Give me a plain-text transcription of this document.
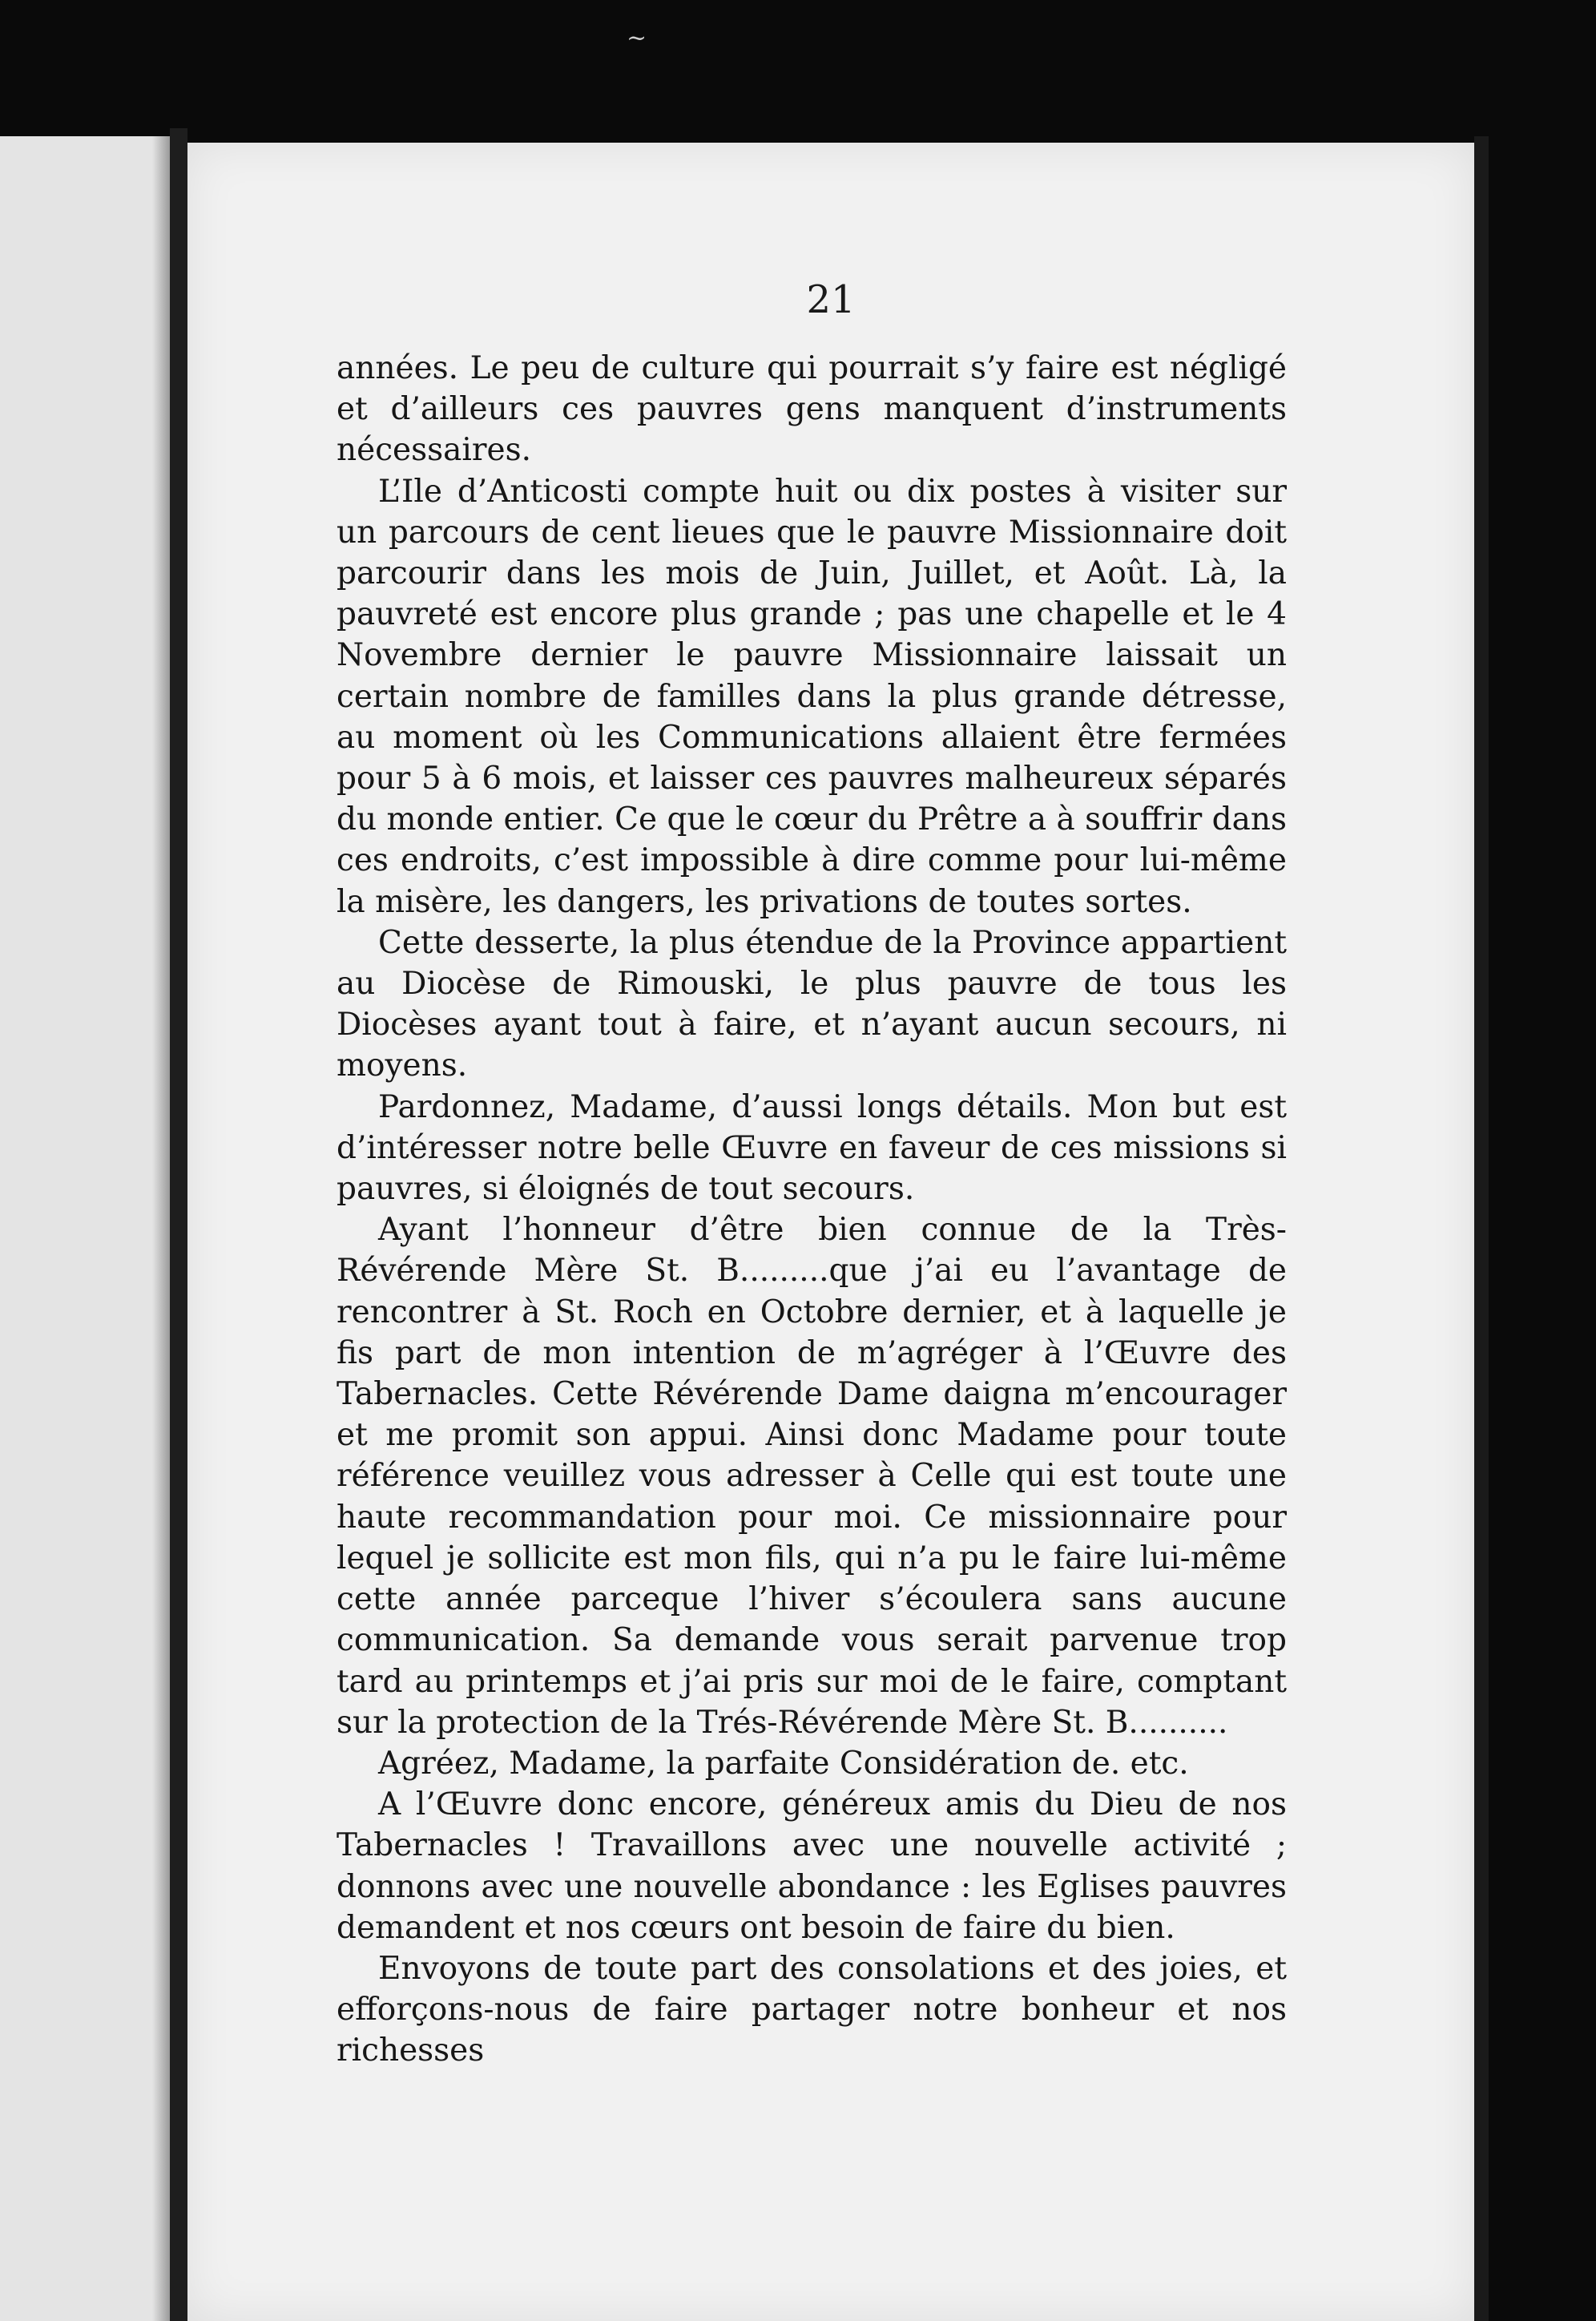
~
21

années. Le peu de culture qui pourrait s’y faire est négligé et d’ailleurs ces pauvres gens manquent d’instruments nécessaires.

L’Ile d’Anticosti compte huit ou dix postes à visiter sur un parcours de cent lieues que le pauvre Missionnaire doit parcourir dans les mois de Juin, Juillet, et Août. Là, la pauvreté est encore plus grande ; pas une chapelle et le 4 Novembre dernier le pauvre Missionnaire laissait un certain nombre de familles dans la plus grande détresse, au moment où les Communications allaient être fermées pour 5 à 6 mois, et laisser ces pauvres malheureux séparés du monde entier. Ce que le cœur du Prêtre a à souffrir dans ces endroits, c’est impossible à dire comme pour lui-même la misère, les dangers, les privations de toutes sortes.

Cette desserte, la plus étendue de la Province appartient au Diocèse de Rimouski, le plus pauvre de tous les Diocèses ayant tout à faire, et n’ayant aucun secours, ni moyens.

Pardonnez, Madame, d’aussi longs détails. Mon but est d’intéresser notre belle Œuvre en faveur de ces missions si pauvres, si éloignés de tout secours.

Ayant l’honneur d’être bien connue de la Très-Révérende Mère St. B.........que j’ai eu l’avantage de rencontrer à St. Roch en Octobre dernier, et à laquelle je fis part de mon intention de m’agréger à l’Œuvre des Tabernacles. Cette Révérende Dame daigna m’encourager et me promit son appui. Ainsi donc Madame pour toute référence veuillez vous adresser à Celle qui est toute une haute recommandation pour moi. Ce missionnaire pour lequel je sollicite est mon fils, qui n’a pu le faire lui-même cette année parceque l’hiver s’écoulera sans aucune communication. Sa demande vous serait parvenue trop tard au printemps et j’ai pris sur moi de le faire, comptant sur la protection de la Trés-Révérende Mère St. B..........

Agréez, Madame, la parfaite Considération de. etc.

A l’Œuvre donc encore, généreux amis du Dieu de nos Tabernacles ! Travaillons avec une nouvelle activité ; donnons avec une nouvelle abondance : les Eglises pauvres demandent et nos cœurs ont besoin de faire du bien.

Envoyons de toute part des consolations et des joies, et efforçons-nous de faire partager notre bonheur et nos richesses
